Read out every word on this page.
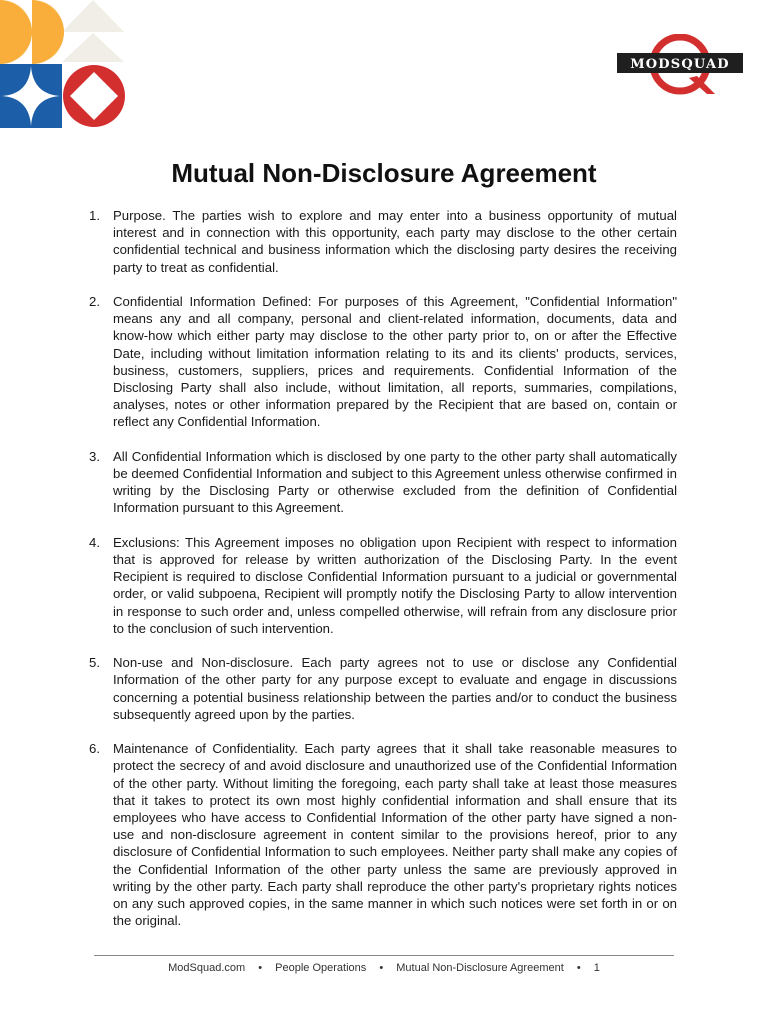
MODSQUAD
Mutual Non-Disclosure Agreement
1. Purpose. The parties wish to explore and may enter into a business opportunity of mutual interest and in connection with this opportunity, each party may disclose to the other certain confidential technical and business information which the disclosing party desires the receiving party to treat as confidential.
2. Confidential Information Defined: For purposes of this Agreement, "Confidential Information" means any and all company, personal and client-related information, documents, data and know-how which either party may disclose to the other party prior to, on or after the Effective Date, including without limitation information relating to its and its clients' products, services, business, customers, suppliers, prices and requirements. Confidential Information of the Disclosing Party shall also include, without limitation, all reports, summaries, compilations, analyses, notes or other information prepared by the Recipient that are based on, contain or reflect any Confidential Information.
3. All Confidential Information which is disclosed by one party to the other party shall automatically be deemed Confidential Information and subject to this Agreement unless otherwise confirmed in writing by the Disclosing Party or otherwise excluded from the definition of Confidential Information pursuant to this Agreement.
4. Exclusions: This Agreement imposes no obligation upon Recipient with respect to information that is approved for release by written authorization of the Disclosing Party. In the event Recipient is required to disclose Confidential Information pursuant to a judicial or governmental order, or valid subpoena, Recipient will promptly notify the Disclosing Party to allow intervention in response to such order and, unless compelled otherwise, will refrain from any disclosure prior to the conclusion of such intervention.
5. Non-use and Non-disclosure. Each party agrees not to use or disclose any Confidential Information of the other party for any purpose except to evaluate and engage in discussions concerning a potential business relationship between the parties and/or to conduct the business subsequently agreed upon by the parties.
6. Maintenance of Confidentiality. Each party agrees that it shall take reasonable measures to protect the secrecy of and avoid disclosure and unauthorized use of the Confidential Information of the other party. Without limiting the foregoing, each party shall take at least those measures that it takes to protect its own most highly confidential information and shall ensure that its employees who have access to Confidential Information of the other party have signed a non-use and non-disclosure agreement in content similar to the provisions hereof, prior to any disclosure of Confidential Information to such employees. Neither party shall make any copies of the Confidential Information of the other party unless the same are previously approved in writing by the other party. Each party shall reproduce the other party's proprietary rights notices on any such approved copies, in the same manner in which such notices were set forth in or on the original.
ModSquad.com • People Operations • Mutual Non-Disclosure Agreement • 1
